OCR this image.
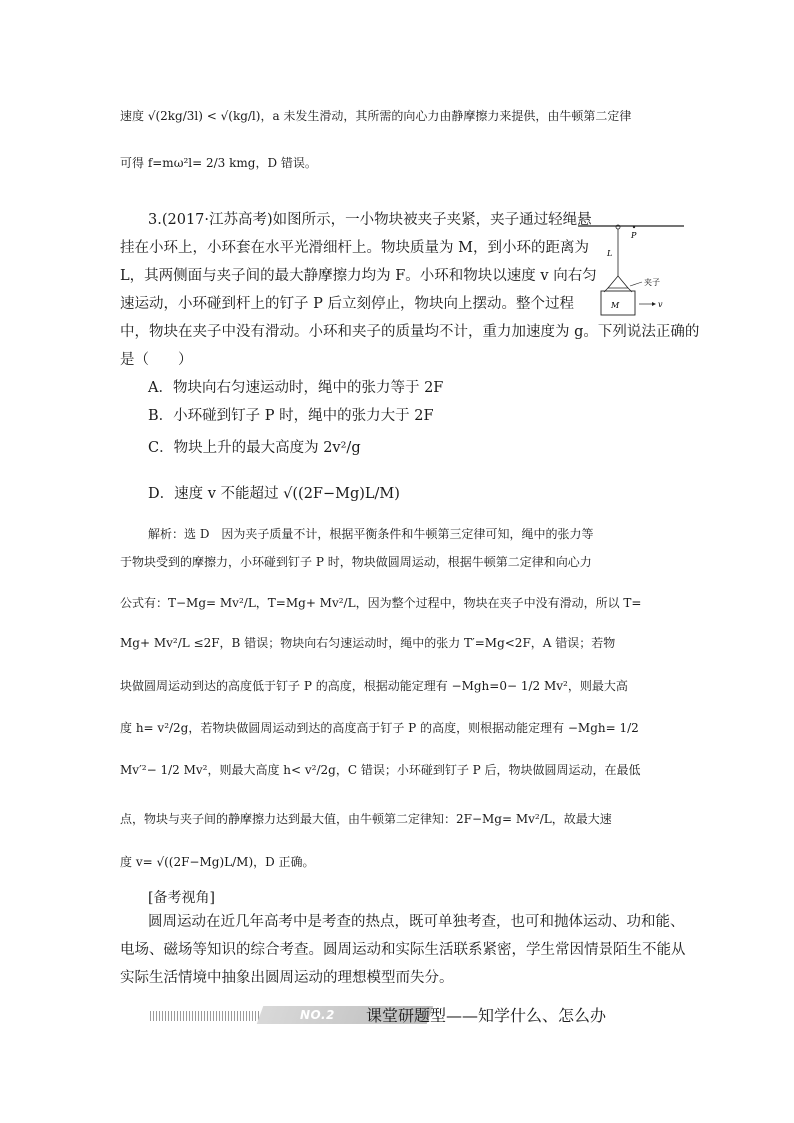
速度 √(2kg/3l) < √(kg/l)，a 未发生滑动，其所需的向心力由静摩擦力来提供，由牛顿第二定律
可得 f=mω²l= 2/3 kmg，D 错误。
3.(2017·江苏高考)如图所示，一小物块被夹子夹紧，夹子通过轻绳悬
挂在小环上，小环套在水平光滑细杆上。物块质量为 M，到小环的距离为
L，其两侧面与夹子间的最大静摩擦力均为 F。小环和物块以速度 v 向右匀
速运动，小环碰到杆上的钉子 P 后立刻停止，物块向上摆动。整个过程
中，物块在夹子中没有滑动。小环和夹子的质量均不计，重力加速度为 g。下列说法正确的
是（　　）
A．物块向右匀速运动时，绳中的张力等于 2F
B．小环碰到钉子 P 时，绳中的张力大于 2F
C．物块上升的最大高度为 2v²/g
D．速度 v 不能超过 √((2F−Mg)L/M)
解析：选 D　因为夹子质量不计，根据平衡条件和牛顿第三定律可知，绳中的张力等
于物块受到的摩擦力，小环碰到钉子 P 时，物块做圆周运动，根据牛顿第二定律和向心力
公式有：T−Mg= Mv²/L，T=Mg+ Mv²/L，因为整个过程中，物块在夹子中没有滑动，所以 T=
Mg+ Mv²/L ≤2F，B 错误；物块向右匀速运动时，绳中的张力 T′=Mg<2F，A 错误；若物
块做圆周运动到达的高度低于钉子 P 的高度，根据动能定理有 −Mgh=0− 1/2 Mv²，则最大高
度 h= v²/2g，若物块做圆周运动到达的高度高于钉子 P 的高度，则根据动能定理有 −Mgh= 1/2
Mv′²− 1/2 Mv²，则最大高度 h< v²/2g，C 错误；小环碰到钉子 P 后，物块做圆周运动，在最低
点，物块与夹子间的静摩擦力达到最大值，由牛顿第二定律知：2F−Mg= Mv²/L，故最大速
度 v= √((2F−Mg)L/M)，D 正确。
[备考视角]
圆周运动在近几年高考中是考查的热点，既可单独考查，也可和抛体运动、功和能、
电场、磁场等知识的综合考查。圆周运动和实际生活联系紧密，学生常因情景陌生不能从
实际生活情境中抽象出圆周运动的理想模型而失分。
P
L
夹子
M	v
NO.2	课堂研题型——知学什么、怎么办
